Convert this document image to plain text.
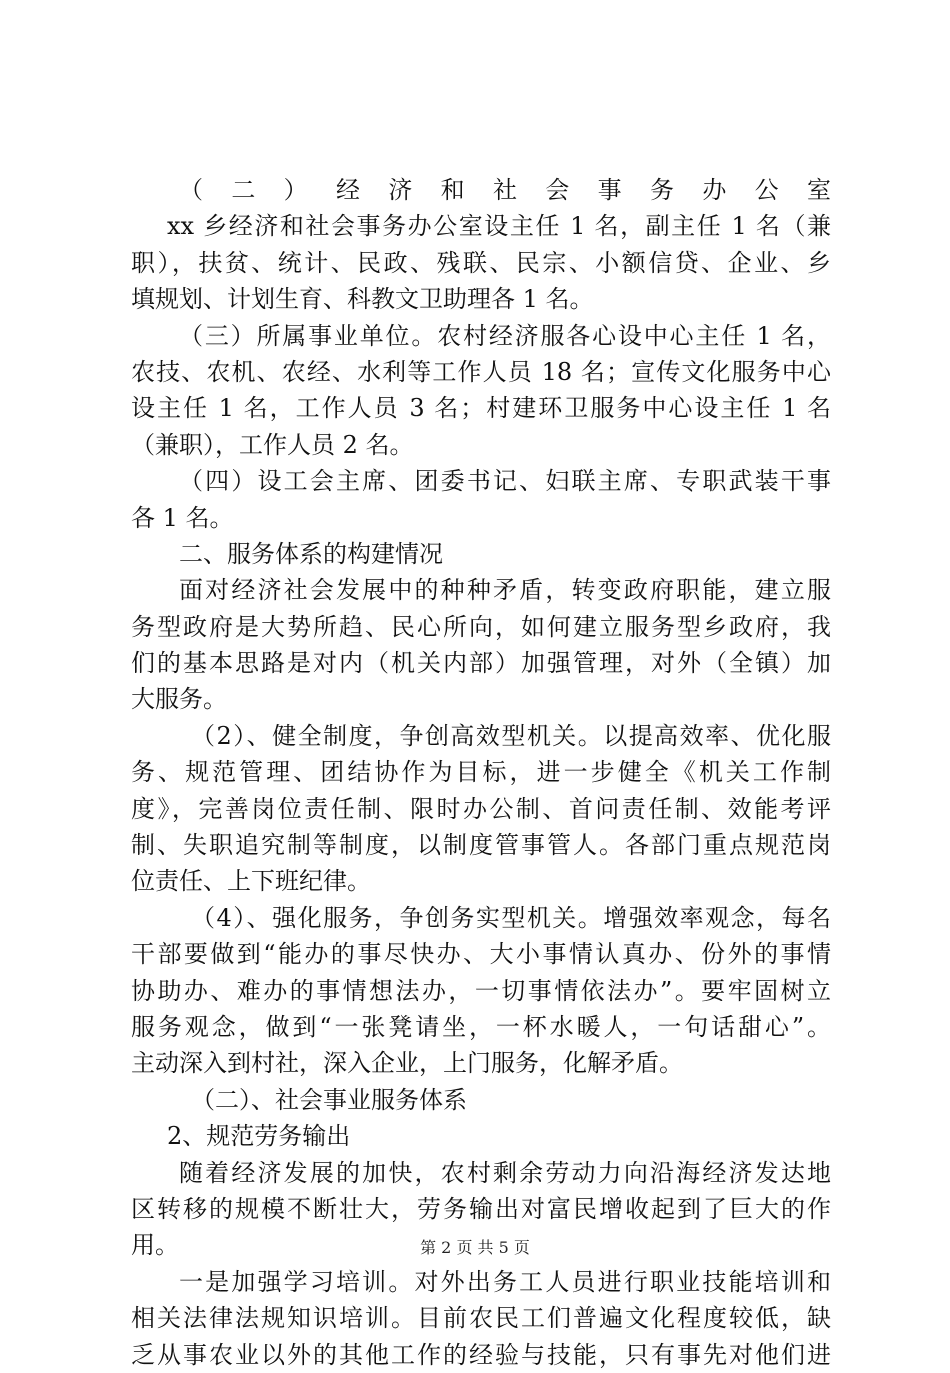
（二）经济和社会事务办公室
xx 乡经济和社会事务办公室设主任 1 名，副主任 1 名（兼
职），扶贫、统计、民政、残联、民宗、小额信贷、企业、乡
填规划、计划生育、科教文卫助理各 1 名。
（三）所属事业单位。农村经济服各心设中心主任 1 名，
农技、农机、农经、水利等工作人员 18 名；宣传文化服务中心
设主任 1 名，工作人员 3 名；村建环卫服务中心设主任 1 名
（兼职），工作人员 2 名。
（四）设工会主席、团委书记、妇联主席、专职武装干事
各 1 名。
二、服务体系的构建情况
面对经济社会发展中的种种矛盾，转变政府职能，建立服
务型政府是大势所趋、民心所向，如何建立服务型乡政府，我
们的基本思路是对内（机关内部）加强管理，对外（全镇）加
大服务。
（2）、健全制度，争创高效型机关。以提高效率、优化服
务、规范管理、团结协作为目标，进一步健全《机关工作制
度》，完善岗位责任制、限时办公制、首问责任制、效能考评
制、失职追究制等制度，以制度管事管人。各部门重点规范岗
位责任、上下班纪律。
（4）、强化服务，争创务实型机关。增强效率观念，每名
干部要做到“能办的事尽快办、大小事情认真办、份外的事情
协助办、难办的事情想法办，一切事情依法办”。要牢固树立
服务观念，做到“一张凳请坐，一杯水暖人，一句话甜心”。
主动深入到村社，深入企业，上门服务，化解矛盾。
（二）、社会事业服务体系
2、规范劳务输出
随着经济发展的加快，农村剩余劳动力向沿海经济发达地
区转移的规模不断壮大，劳务输出对富民增收起到了巨大的作
用。
一是加强学习培训。对外出务工人员进行职业技能培训和
相关法律法规知识培训。目前农民工们普遍文化程度较低，缺
乏从事农业以外的其他工作的经验与技能，只有事先对他们进
第 2 页 共 5 页
